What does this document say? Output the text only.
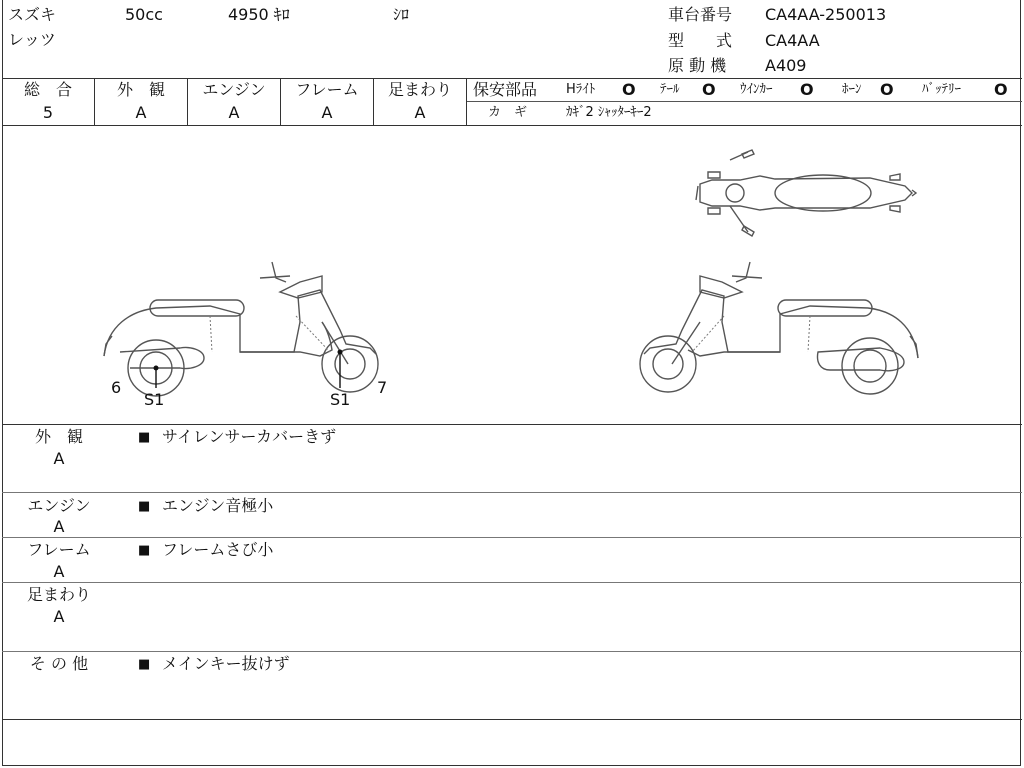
スズキ	50cc	4950 ｷﾛ	ｼﾛ
レッツ
車台番号 CA4AA-250013
型　　式 CA4AA
原 動 機 A409
総　合
5
外　観
A
エンジン
A
フレーム
A
足まわり
A
保安部品 Hﾗｲﾄ O ﾃｰﾙ O ｳｲﾝｶｰ O ﾎｰﾝ O ﾊﾞｯﾃﾘｰ O
カ　ギ	ｶｷﾞ2 ｼｬｯﾀｰｷｰ2
6
S1	S1
7
外　観
A
■ サイレンサーカバーきず
エンジン
A
■ エンジン音極小
フレーム
A
■ フレームさび小
足まわり
A
そ の 他	■ メインキー抜けず
